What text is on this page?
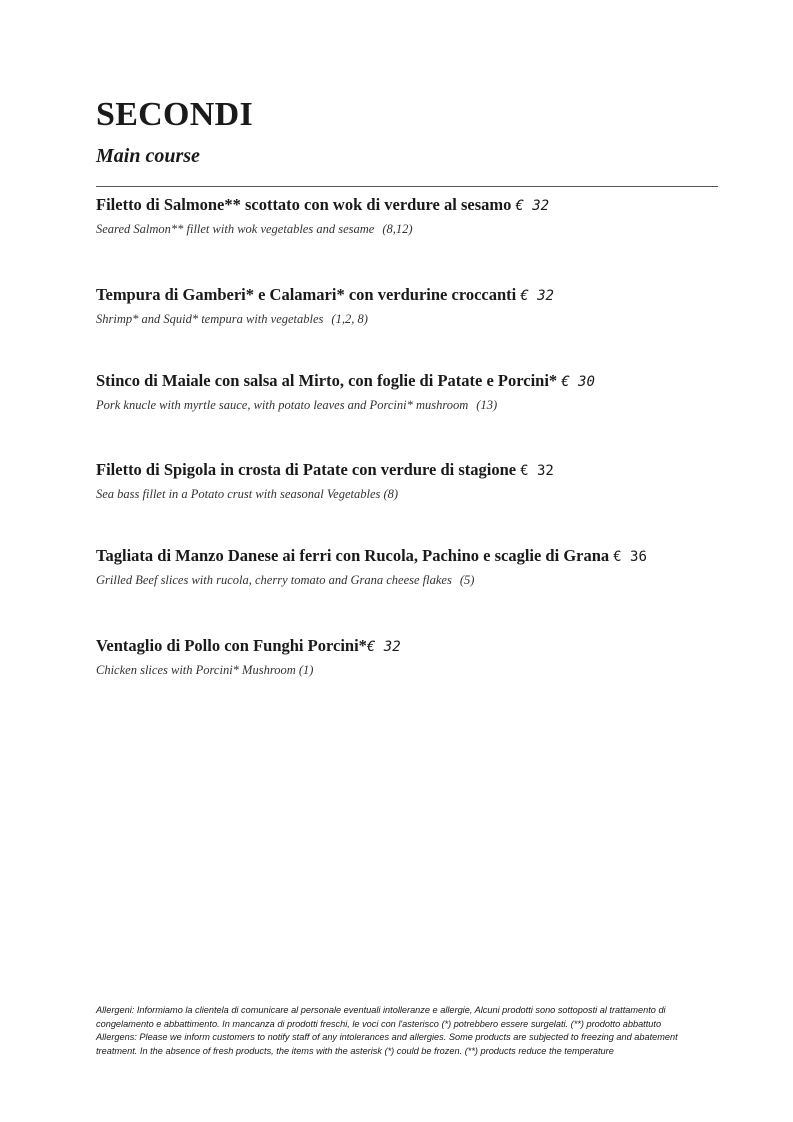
SECONDI
Main course
Filetto di Salmone** scottato con wok di verdure al sesamo € 32
Seared Salmon** fillet with wok vegetables and sesame (8,12)
Tempura di Gamberi* e Calamari* con verdurine croccanti € 32
Shrimp* and Squid* tempura with vegetables (1,2, 8)
Stinco di Maiale con salsa al Mirto, con foglie di Patate e Porcini* € 30
Pork knucle with myrtle sauce, with potato leaves and Porcini* mushroom (13)
Filetto di Spigola in crosta di Patate con verdure di stagione € 32
Sea bass fillet in a Potato crust with seasonal Vegetables (8)
Tagliata di Manzo Danese ai ferri con Rucola, Pachino e scaglie di Grana € 36
Grilled Beef slices with rucola, cherry tomato and Grana cheese flakes (5)
Ventaglio di Pollo con Funghi Porcini*€ 32
Chicken slices with Porcini* Mushroom (1)

Allergeni: Informiamo la clientela di comunicare al personale eventuali intolleranze e allergie, Alcuni prodotti sono sottoposti al trattamento di

congelamento e abbattimento. In mancanza di prodotti freschi, le voci con l'asterisco (*) potrebbero essere surgelati. (**) prodotto abbattuto

Allergens: Please we inform customers to notify staff of any intolerances and allergies. Some products are subjected to freezing and abatement

treatment. In the absence of fresh products, the items with the asterisk (*) could be frozen. (**) products reduce the temperature
